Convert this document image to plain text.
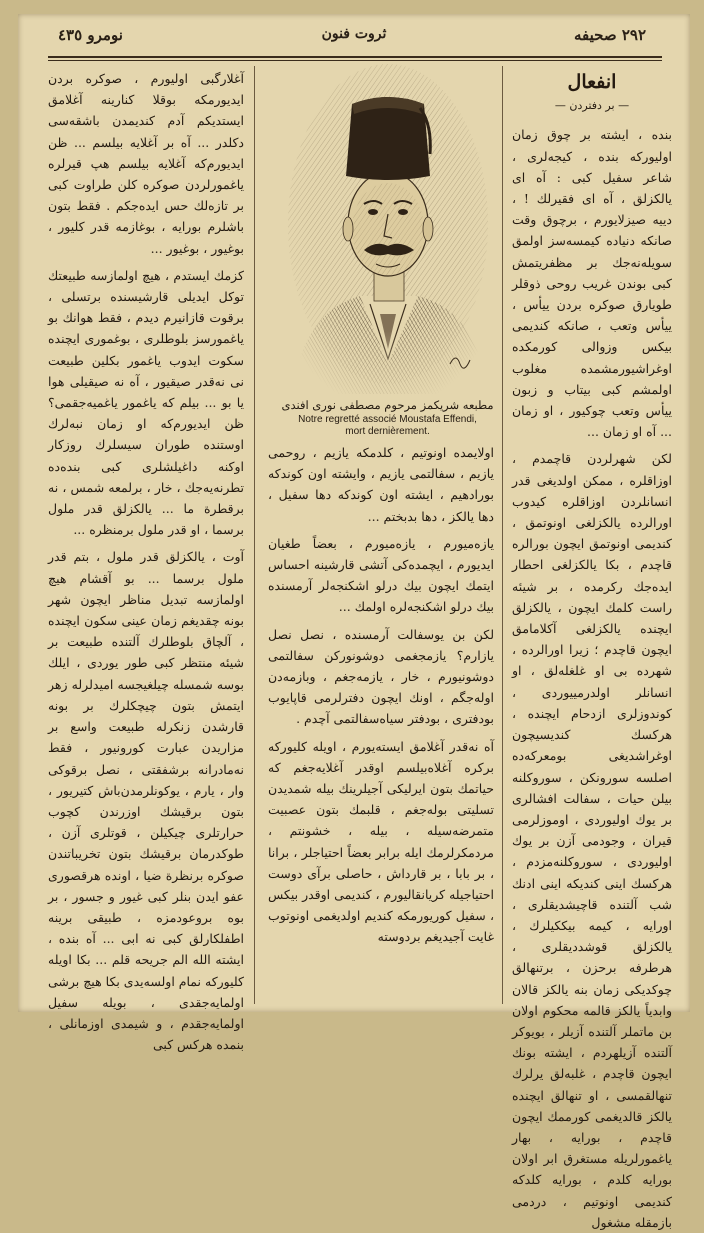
نومرو ٤٣٥	ثروت فنون	٢٩٢ صحيفه
انفعال
— بر دفتردن —

بنده ، ايشته بر چوق زمان اوليوركه بنده ، كيجه‌لرى ، شاعر سفيل كبى : آه اى يالكزلق ، آه اى فقيرلك ! ، دييه صيزلايورم ، برچوق وقت صانكه دنياده كيمسه‌سز اولمق سويله‌نه‌جك بر مظفريتمش كبى بوندن غريب روحى ذوقلر طويارق صوكره بردن ييأس ، ييأس وتعب ، صانكه كنديمى بيكس وزوالى كورمكده اوغراشيورمشمده مغلوب اولمشم كبى بيتاب و زبون ييأس وتعب چوكيور ، او زمان ... آه او زمان ...

لكن شهرلردن قاچمدم ، اوزاقلره ، ممكن اولديغى قدر انسانلردن اوزاقلره كيدوب اورالرده يالكزلغى اونوتمق ، كنديمى اونوتمق ايچون بورالره قاچدم ، بكا يالكزلغى احطار ايده‌جك ركرمده ، بر شيئه راست كلمك ايچون ، يالكزلق ايچنده يالكزلغى آكلامامق ايچون قاچدم ؛ زيرا اورالرده ، شهرده بى او غلغله‌لق ، او انسانلر اولدرمييوردى ، كوندوزلرى ازدحام ايچنده ، هركسك كنديسيچون اوغراشديغى بومعركه‌ده اصلسه سورونكن ، سوروكلنه بيلن حيات ، سفالت افشالرى بر يوك اوليوردى ، اوموزلرمى قيران ، وجودمى آزن بر يوك اوليوردى ، سوروكلنه‌مزدم ، هركسك اينى كنديكه اينى ادنك شب آلتنده قاچيشديقلرى ، اورايه ، كيمه بيككيلرك ، يالكزلق قوشدديقلرى ، هرطرفه برحزن ، برتنهالق چوكديكى زمان بنه يالكز قالان وابدياً يالكز قالمه محكوم اولان بن ماتملر آلتنده آزيلر ، بويوكر آلتنده آزيلهردم ، ايشته بونك ايچون قاچدم ، غلبه‌لق يرلرك تنهالقمسى ، او تنهالق ايچنده يالكز قالديغمى كورممك ايچون قاچدم ، بورايه ، بهار ياغمورلريله مستغرق ابر اولان بورايه كلدم ، بورايه كلدكه كنديمى اونوتيم ، دردمى بازمقله مشغول

مطبعه شريكمز مرحوم مصطفى نورى افندى
Notre regretté associé Moustafa Effendi,
mort dernièrement.

اولايمده اونوتيم ، كلدمكه يازيم ، روحمى يازيم ، سفالتمى يازيم ، وايشته اون كوندكه بورادهيم ، ايشته اون كوندكه دها سفيل ، دها يالكز ، دها بدبختم ...

يازه‌ميورم ، يازه‌ميورم ، بعضاً طغيان ايديورم ، ايچمده‌كى آتشى قارشينه احساس ايتمك ايچون بيك درلو اشكنجه‌لر آرمسنده بيك درلو اشكنجه‌لره اولمك ...

لكن بن يوسفالت آرمسنده ، نصل نصل يازارم؟ يازمجغمى دوشونوركن سفالتمى دوشونيورم ، خار ، يازمه‌جغم ، وبازمه‌دن اوله‌جگم ، اونك ايچون دفترلرمى قاپايوب بودفترى ، بودفتر سياه‌سفالتمى آچدم .

آه نه‌قدر آغلامق ايسته‌يورم ، اويله كليوركه بركره آغلاه‌بيلسم اوقدر آغلايه‌جغم كه حياتمك بتون ايرليكى آجيلرينك بيله شمديدن تسليتى بوله‌جغم ، قلبمك بتون عصبيت متمرضه‌سيله ، بيله ، خشونتم ، مردمكرلرمك ايله برابر بعضاً احتياجلر ، برانا ، بر بابا ، بر قارداش ، حاصلى برآى دوست احتياجيله كريانقاليورم ، كنديمى اوقدر بيكس ، سفيل كوريورمكه كنديم اولديغمى اونوتوب غايت آجيديغم بردوسته

آغلارگبى اوليورم ، صوكره بردن ايديورمكه بوقلا كنارينه آغلامق ايستديكم آدم كنديمدن باشقه‌سى دكلدر ... آه بر آغلايه بيلسم ... ظن ايديورم‌كه آغلايه بيلسم هپ قيرلره ياغمورلردن صوكره كلن طراوت كبى بر تازه‌لك حس ايده‌جكم . فقط بتون باشلرم بورايه ، بوغازمه قدر كليور ، بوغيور ، بوغيور ...

كزمك ايستدم ، هيچ اولمازسه طبيعتك توكل ايديلى قارشيسنده برتسلى ، برقوت قازانيرم ديدم ، فقط هوانك بو ياغمورسز بلوطلرى ، بوغمورى ايچنده سكوت ايدوب ياغمور بكلين طبيعت نى نه‌قدر صيقيور ، آه نه صيقيلى هوا يا بو ... بيلم كه ياغمور ياغميه‌جقمى؟ ظن ايديورم‌كه او زمان نبه‌لرك اوستنده طوران سيسلرك روزكار اوكنه داغيلشلرى كبى بنده‌ده تطرنه‌يه‌جك ، خار ، برلمعه شمس ، نه برقطرة ما ... يالكزلق قدر ملول برسما ، او قدر ملول برمنظره ...

آوت ، يالكزلق قدر ملول ، بتم قدر ملول برسما ... بو آقشام هيچ اولمازسه تبديل مناظر ايچون شهر بونه چقديغم زمان عينى سكون ايچنده ، آلچاق بلوطلرك آلتنده طبيعت بر شيئه منتظر كبى طور يوردى ، ايلك بوسه شمسله چيلغيجسه اميدلرله زهر ايتمش بتون چيچكلرك بر بونه قارشدن زنكرله طبيعت واسع بر مزاريدن عبارت كورونيور ، فقط نه‌مادرانه برشفقتى ، نصل برقوكى وار ، يارم ، يوكونلرمدن‌باش كتيريور ، بتون برقيشك اوزرندن كچوب حرارتلرى چيكيلن ، قوتلرى آزن ، طوكدرمان برقيشك بتون تخريباتندن صوكره برنظرة ضيا ، اونده هرقصورى عفو ايدن بنلر كبى غيور و جسور ، بر بوه بروعودمزه ، طبيقى برينه اطفلكارلق كبى نه ابى ... آه بنده ، ايشته الله الم جريحه قلم ... بكا اويله كليوركه نمام اولسه‌يدى بكا هيچ برشى اولمايه‌جقدى ، بويله سفيل اولمايه‌جقدم ، و شيمدى اوزمانلى ، بنمده هركس كبى
